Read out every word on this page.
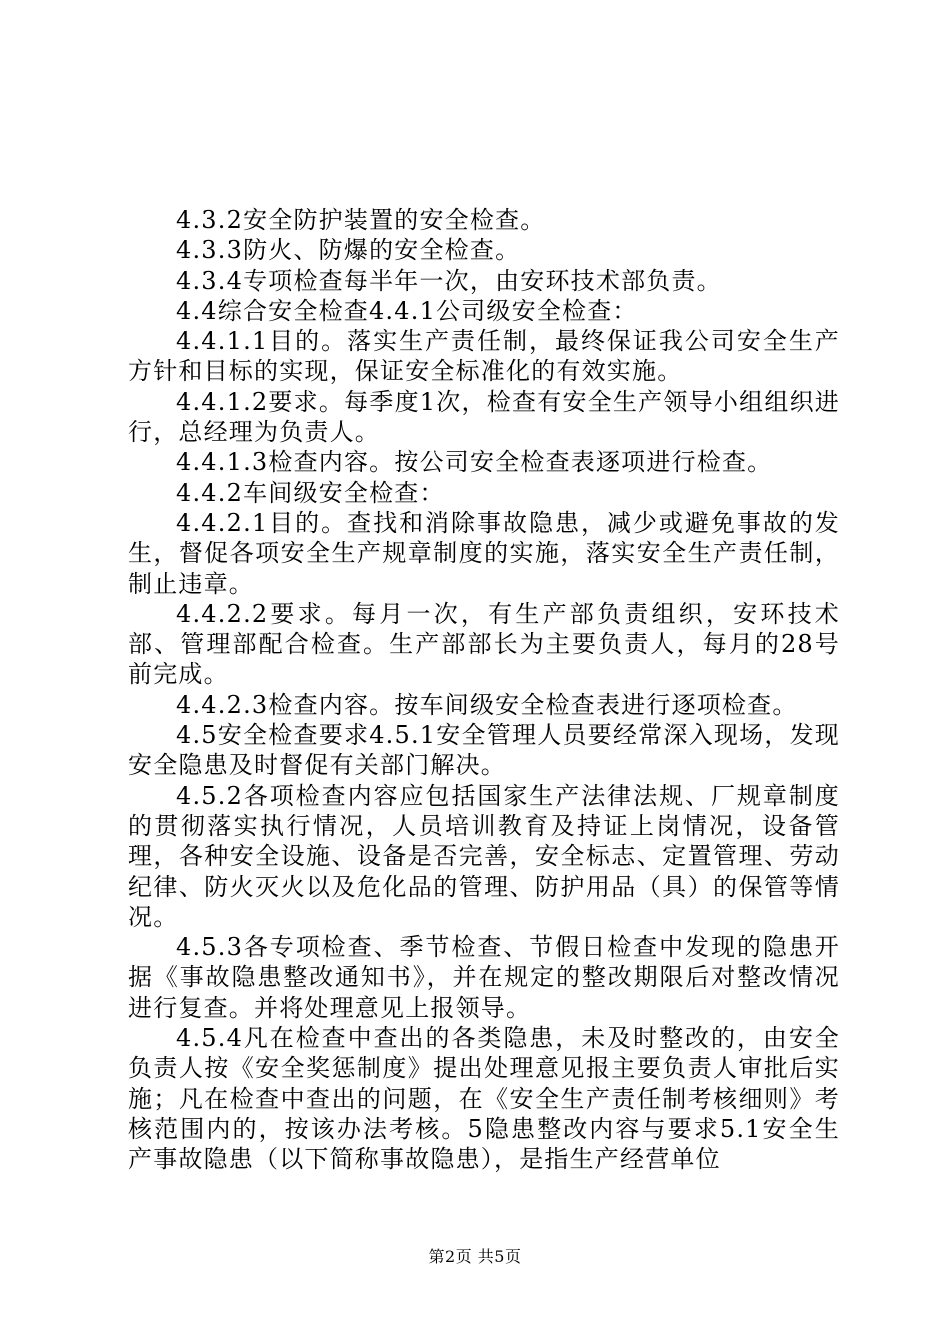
4.3.2安全防护装置的安全检查。

4.3.3防火、防爆的安全检查。

4.3.4专项检查每半年一次，由安环技术部负责。

4.4综合安全检查4.4.1公司级安全检查：

4.4.1.1目的。落实生产责任制，最终保证我公司安全生产方针和目标的实现，保证安全标准化的有效实施。

4.4.1.2要求。每季度1次，检查有安全生产领导小组组织进行，总经理为负责人。

4.4.1.3检查内容。按公司安全检查表逐项进行检查。

4.4.2车间级安全检查：

4.4.2.1目的。查找和消除事故隐患，减少或避免事故的发生，督促各项安全生产规章制度的实施，落实安全生产责任制，制止违章。

4.4.2.2要求。每月一次，有生产部负责组织，安环技术部、管理部配合检查。生产部部长为主要负责人，每月的28号前完成。

4.4.2.3检查内容。按车间级安全检查表进行逐项检查。

4.5安全检查要求4.5.1安全管理人员要经常深入现场，发现安全隐患及时督促有关部门解决。

4.5.2各项检查内容应包括国家生产法律法规、厂规章制度的贯彻落实执行情况，人员培训教育及持证上岗情况，设备管理，各种安全设施、设备是否完善，安全标志、定置管理、劳动纪律、防火灭火以及危化品的管理、防护用品（具）的保管等情况。

4.5.3各专项检查、季节检查、节假日检查中发现的隐患开据《事故隐患整改通知书》，并在规定的整改期限后对整改情况进行复查。并将处理意见上报领导。

4.5.4凡在检查中查出的各类隐患，未及时整改的，由安全负责人按《安全奖惩制度》提出处理意见报主要负责人审批后实施；凡在检查中查出的问题，在《安全生产责任制考核细则》考核范围内的，按该办法考核。5隐患整改内容与要求5.1安全生产事故隐患（以下简称事故隐患），是指生产经营单位

第2页 共5页
